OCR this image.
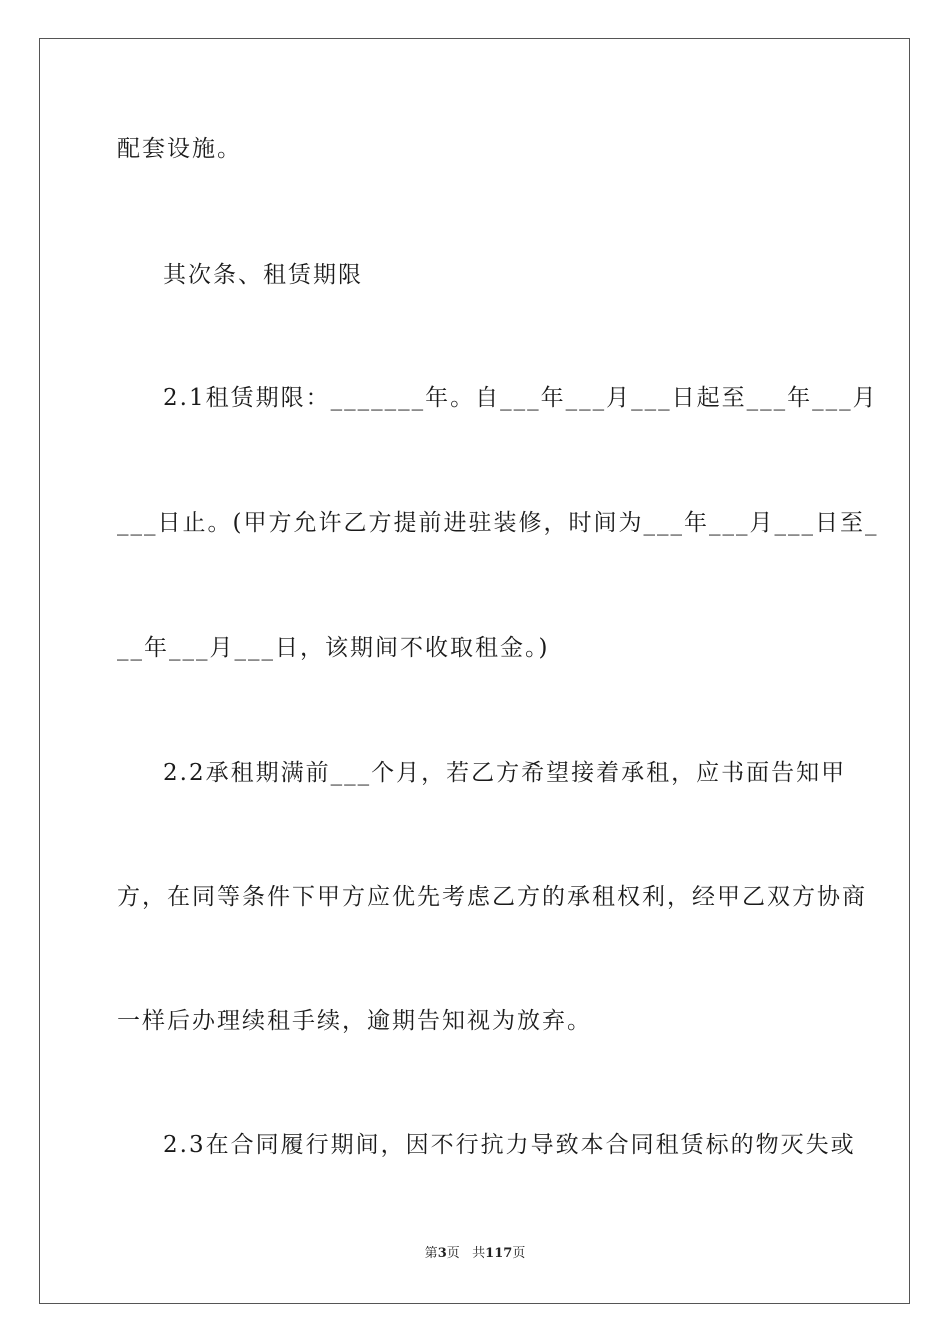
配套设施。
其次条、租赁期限
2.1租赁期限：_______年。自___年___月___日起至___年___月
___日止。(甲方允许乙方提前进驻装修，时间为___年___月___日至_
__年___月___日，该期间不收取租金。)
2.2承租期满前___个月，若乙方希望接着承租，应书面告知甲
方，在同等条件下甲方应优先考虑乙方的承租权利，经甲乙双方协商
一样后办理续租手续，逾期告知视为放弃。
2.3在合同履行期间，因不行抗力导致本合同租赁标的物灭失或
第3页 共117页
